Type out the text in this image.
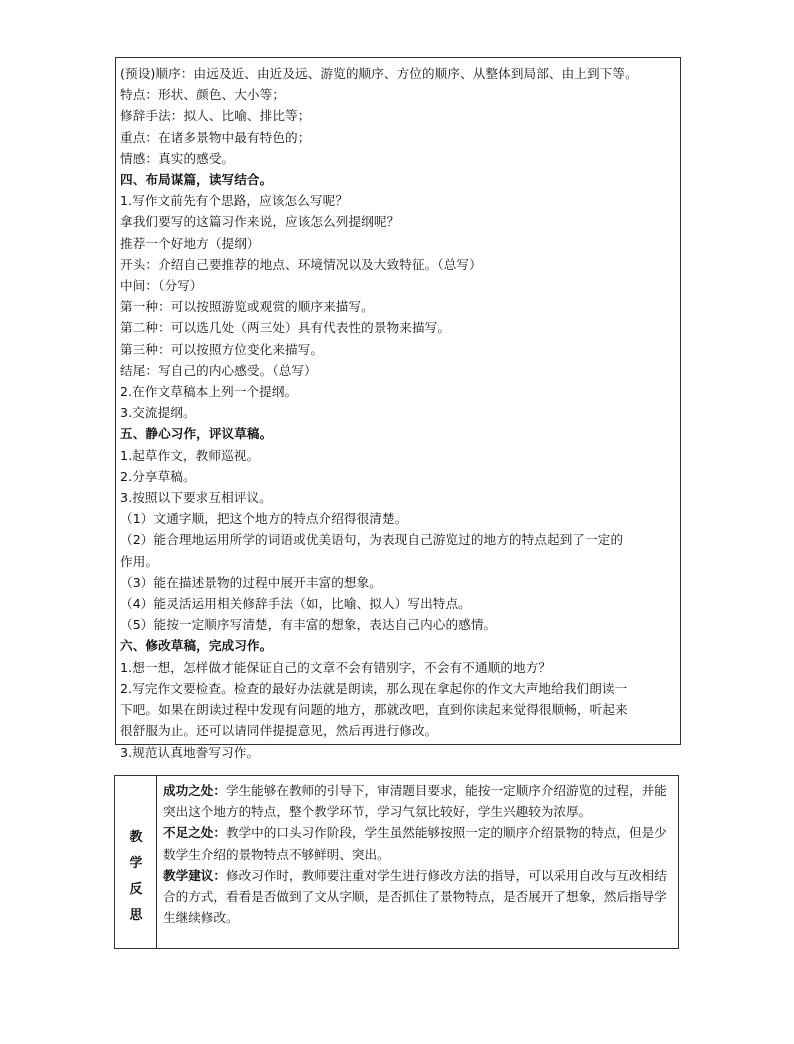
(预设)顺序：由远及近、由近及远、游览的顺序、方位的顺序、从整体到局部、由上到下等。
特点：形状、颜色、大小等；
修辞手法：拟人、比喻、排比等；
重点：在诸多景物中最有特色的；
情感：真实的感受。
四、布局谋篇，读写结合。
1.写作文前先有个思路，应该怎么写呢？
拿我们要写的这篇习作来说，应该怎么列提纲呢？
推荐一个好地方（提纲）
开头：介绍自己要推荐的地点、环境情况以及大致特征。（总写）
中间：（分写）
第一种：可以按照游览或观赏的顺序来描写。
第二种：可以选几处（两三处）具有代表性的景物来描写。
第三种：可以按照方位变化来描写。
结尾：写自己的内心感受。（总写）
2.在作文草稿本上列一个提纲。
3.交流提纲。
五、静心习作，评议草稿。
1.起草作文，教师巡视。
2.分享草稿。
3.按照以下要求互相评议。
（1）文通字顺，把这个地方的特点介绍得很清楚。
（2）能合理地运用所学的词语或优美语句，为表现自己游览过的地方的特点起到了一定的
作用。
（3）能在描述景物的过程中展开丰富的想象。
（4）能灵活运用相关修辞手法（如，比喻、拟人）写出特点。
（5）能按一定顺序写清楚，有丰富的想象，表达自己内心的感情。
六、修改草稿，完成习作。
1.想一想，怎样做才能保证自己的文章不会有错别字，不会有不通顺的地方？
2.写完作文要检查。检查的最好办法就是朗读，那么现在拿起你的作文大声地给我们朗读一
下吧。如果在朗读过程中发现有问题的地方，那就改吧，直到你读起来觉得很顺畅，听起来
很舒服为止。还可以请同伴提提意见，然后再进行修改。
3.规范认真地誊写习作。
教
学
反
思
成功之处：学生能够在教师的引导下，审清题目要求，能按一定顺序介绍游览的过程，并能突出这个地方的特点，整个教学环节，学习气氛比较好，学生兴趣较为浓厚。
不足之处：教学中的口头习作阶段，学生虽然能够按照一定的顺序介绍景物的特点，但是少数学生介绍的景物特点不够鲜明、突出。
教学建议：修改习作时，教师要注重对学生进行修改方法的指导，可以采用自改与互改相结合的方式，看看是否做到了文从字顺，是否抓住了景物特点，是否展开了想象，然后指导学生继续修改。
